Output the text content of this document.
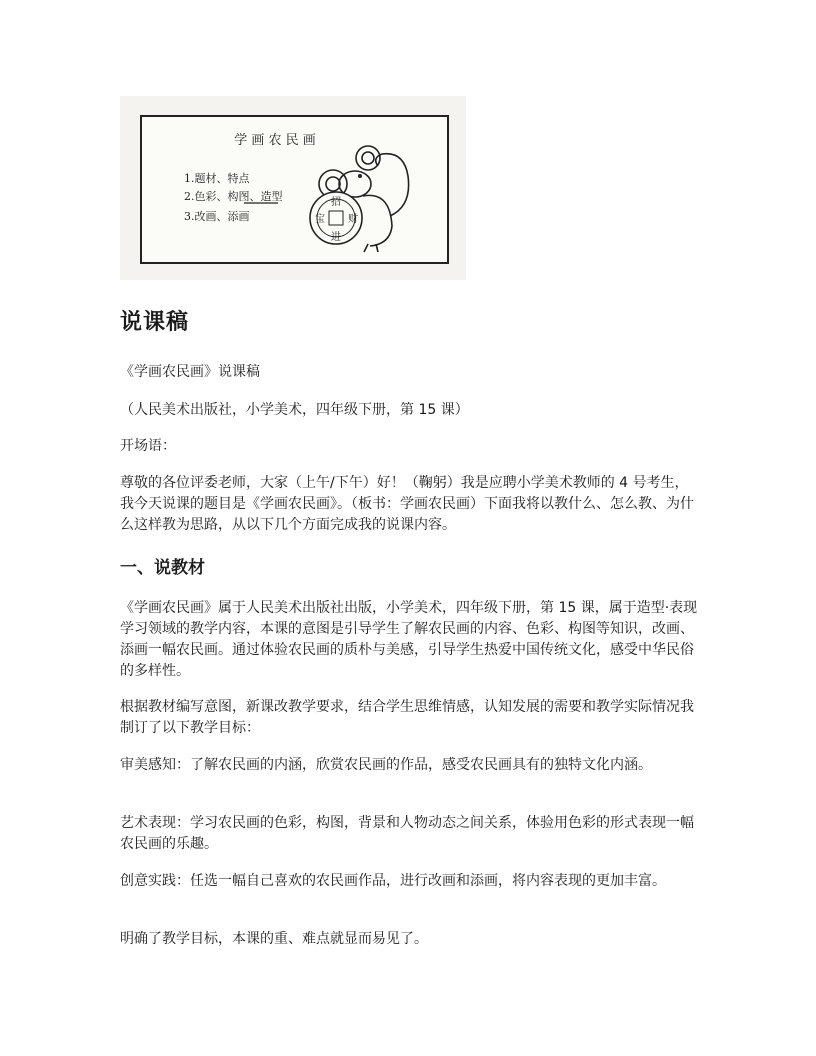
学 画 农 民 画
1.题材、特点
2.色彩、构图、造型
3.改画、添画
招
财
进
宝
说课稿

《学画农民画》说课稿

（人民美术出版社，小学美术，四年级下册，第 15 课）

开场语：

尊敬的各位评委老师，大家（上午/下午）好！（鞠躬）我是应聘小学美术教师的 4 号考生，我今天说课的题目是《学画农民画》。（板书：学画农民画）下面我将以教什么、怎么教、为什么这样教为思路，从以下几个方面完成我的说课内容。

一、说教材

《学画农民画》属于人民美术出版社出版，小学美术，四年级下册，第 15 课，属于造型·表现学习领域的教学内容，本课的意图是引导学生了解农民画的内容、色彩、构图等知识，改画、添画一幅农民画。通过体验农民画的质朴与美感，引导学生热爱中国传统文化，感受中华民俗的多样性。

根据教材编写意图，新课改教学要求，结合学生思维情感，认知发展的需要和教学实际情况我制订了以下教学目标：

审美感知：了解农民画的内涵，欣赏农民画的作品，感受农民画具有的独特文化内涵。

艺术表现：学习农民画的色彩，构图，背景和人物动态之间关系，体验用色彩的形式表现一幅农民画的乐趣。

创意实践：任选一幅自己喜欢的农民画作品，进行改画和添画，将内容表现的更加丰富。

明确了教学目标，本课的重、难点就显而易见了。
